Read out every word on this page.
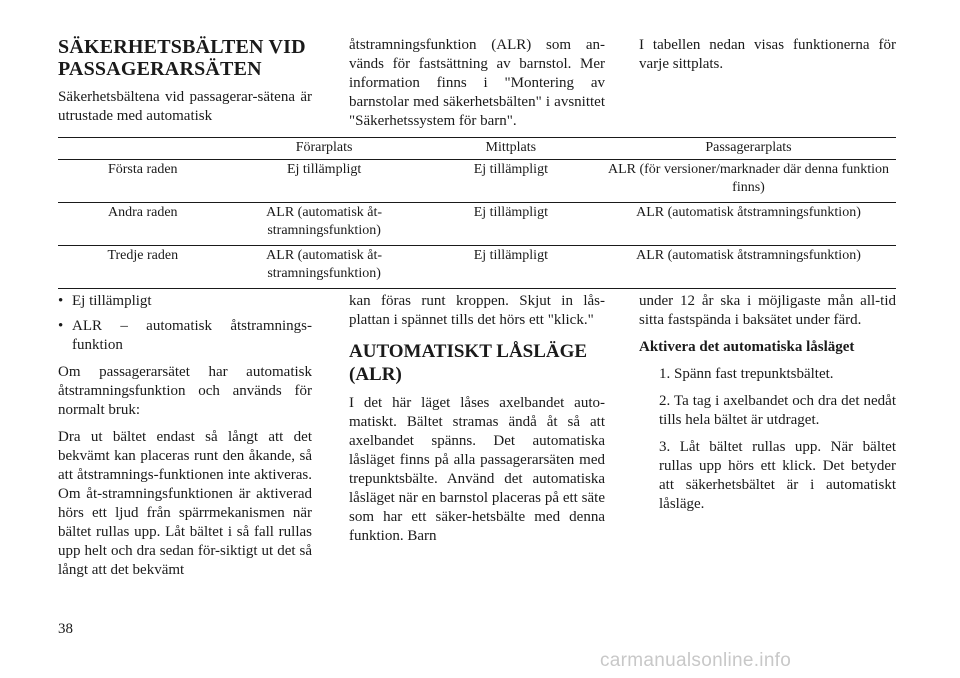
SÄKERHETSBÄLTEN VID PASSAGERARSÄTEN

Säkerhetsbältena vid passagerar-sätena är utrustade med automatisk

åtstramningsfunktion (ALR) som an-vänds för fastsättning av barnstol. Mer information finns i "Montering av barnstolar med säkerhetsbälten" i avsnittet "Säkerhetssystem för barn".

I tabellen nedan visas funktionerna för varje sittplats.

	Förarplats	Mittplats	Passagerarplats
Första raden	Ej tillämpligt	Ej tillämpligt	ALR (för versioner/marknader där denna funktion finns)
Andra raden	ALR (automatisk åt-stramningsfunktion)	Ej tillämpligt	ALR (automatisk åtstramningsfunktion)
Tredje raden	ALR (automatisk åt-stramningsfunktion)	Ej tillämpligt	ALR (automatisk åtstramningsfunktion)
• Ej tillämpligt
• ALR – automatisk åtstramnings-funktion

Om passagerarsätet har automatisk åtstramningsfunktion och används för normalt bruk:

Dra ut bältet endast så långt att det bekvämt kan placeras runt den åkande, så att åtstramnings-funktionen inte aktiveras. Om åt-stramningsfunktionen är aktiverad hörs ett ljud från spärrmekanismen när bältet rullas upp. Låt bältet i så fall rullas upp helt och dra sedan för-siktigt ut det så långt att det bekvämt

kan föras runt kroppen. Skjut in lås-plattan i spännet tills det hörs ett "klick."

AUTOMATISKT LÅSLÄGE (ALR)

I det här läget låses axelbandet auto-matiskt. Bältet stramas ändå åt så att axelbandet spänns. Det automatiska låsläget finns på alla passagerarsäten med trepunktsbälte. Använd det automatiska låsläget när en barnstol placeras på ett säte som har ett säker-hetsbälte med denna funktion. Barn

under 12 år ska i möjligaste mån all-tid sitta fastspända i baksätet under färd.

Aktivera det automatiska låsläget

1. Spänn fast trepunktsbältet.

2. Ta tag i axelbandet och dra det nedåt tills hela bältet är utdraget.

3. Låt bältet rullas upp. När bältet rullas upp hörs ett klick. Det betyder att säkerhetsbältet är i automatiskt låsläge.

38
carmanualsonline.info
